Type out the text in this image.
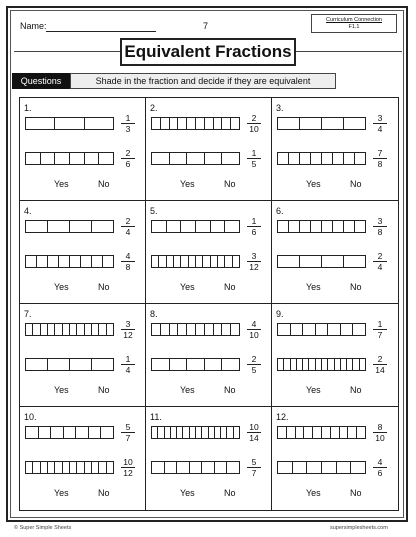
Name:	7
Curriculum Connection
F1.1
Equivalent Fractions
Questions	Shade in the fraction and decide if they are equivalent
1.
$\frac{1}{3}$
$\frac{2}{6}$
Yes	No
2.
$\frac{2}{10}$
$\frac{1}{5}$
Yes	No
3.
$\frac{3}{4}$
$\frac{7}{8}$
Yes	No
4.
$\frac{2}{4}$
$\frac{4}{8}$
Yes	No
5.
$\frac{1}{6}$
$\frac{3}{12}$
Yes	No
6.
$\frac{3}{8}$
$\frac{2}{4}$
Yes	No
7.
$\frac{3}{12}$
$\frac{1}{4}$
Yes	No
8.
$\frac{4}{10}$
$\frac{2}{5}$
Yes	No
9.
$\frac{1}{7}$
$\frac{2}{14}$
Yes	No
10.
$\frac{5}{7}$
$\frac{10}{12}$
Yes	No
11.
$\frac{10}{14}$
$\frac{5}{7}$
Yes	No
12.
$\frac{8}{10}$
$\frac{4}{6}$
Yes	No
© Super Simple Sheets	supersimplesheets.com
